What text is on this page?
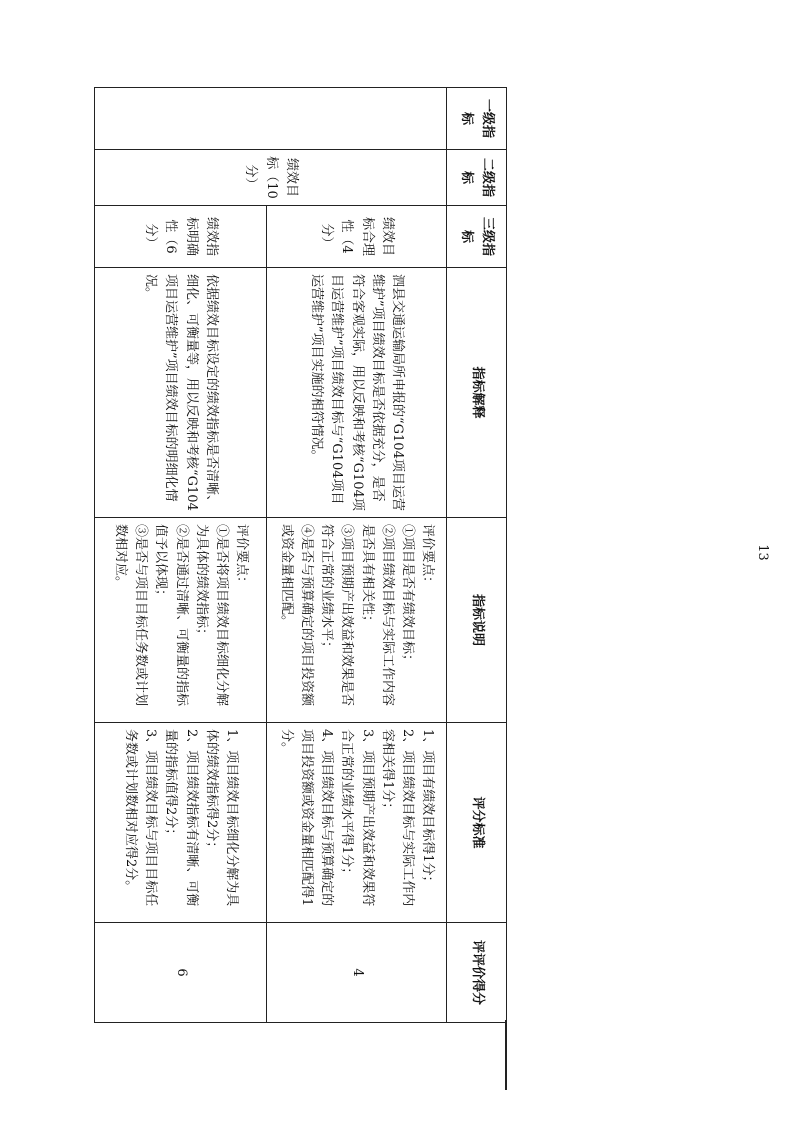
一级指标	二级指标	三级指标	指标解释	指标说明	评分标准	评评价得分
	绩效目标（10分）	绩效目标合理性（4分）	泗县交通运输局所申报的“G104项目运营维护”项目绩效目标是否依据充分，是否符合客观实际，用以反映和考核“G104项目运营维护”项目绩效目标与“G104项目运营维护”项目实施的相符情况。	评价要点：
①项目是否有绩效目标；
②项目绩效目标与实际工作内容是否具有相关性；
③项目预期产出效益和效果是否符合正常的业绩水平；
④是否与预算确定的项目投资额或资金量相匹配。	1、项目有绩效目标得1分；
2、项目绩效目标与实际工作内容相关得1分；
3、项目预期产出效益和效果符合正常的业绩水平得1分；
4、项目绩效目标与预算确定的项目投资额或资金量相匹配得1分。	4
		绩效指标明确性（6分）	依据绩效目标设定的绩效指标是否清晰、细化、可衡量等，用以反映和考核“G104项目运营维护”项目绩效目标的明细化情况。	评价要点：
①是否将项目绩效目标细化分解为具体的绩效指标；
②是否通过清晰、可衡量的指标值予以体现；
③是否与项目目标任务数或计划数相对应。	1、项目绩效目标细化分解为具体的绩效指标得2分；
2、项目绩效指标有清晰、可衡量的指标值得2分；
3、项目绩效目标与项目目标任务数或计划数相对应得2分。	6
13
